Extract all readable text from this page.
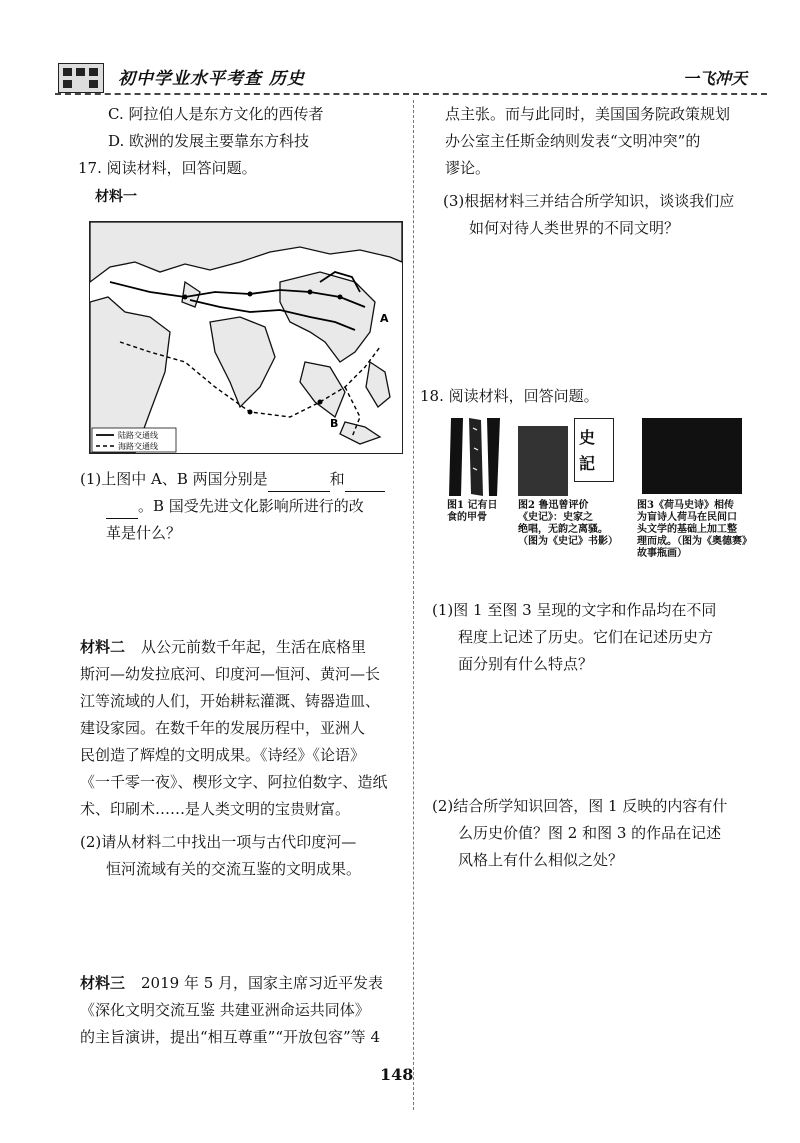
初中学业水平考查 历史	一飞冲天
C. 阿拉伯人是东方文化的西传者
D. 欧洲的发展主要靠东方科技
17. 阅读材料，回答问题。
材料一
A
B
陆路交通线
海路交通线
(1)上图中 A、B 两国分别是	和
。B 国受先进文化影响所进行的改
革是什么？
材料二 从公元前数千年起，生活在底格里
斯河—幼发拉底河、印度河—恒河、黄河—长
江等流域的人们，开始耕耘灌溉、铸器造皿、
建设家园。在数千年的发展历程中，亚洲人
民创造了辉煌的文明成果。《诗经》《论语》
《一千零一夜》、楔形文字、阿拉伯数字、造纸
术、印刷术……是人类文明的宝贵财富。
(2)请从材料二中找出一项与古代印度河—
恒河流域有关的交流互鉴的文明成果。
材料三 2019 年 5 月，国家主席习近平发表
《深化文明交流互鉴 共建亚洲命运共同体》
的主旨演讲，提出“相互尊重”“开放包容”等 4
点主张。而与此同时，美国国务院政策规划
办公室主任斯金纳则发表“文明冲突”的
谬论。
(3)根据材料三并结合所学知识，谈谈我们应
如何对待人类世界的不同文明？
18. 阅读材料，回答问题。
史
記
图1 记有日
食的甲骨
图2 鲁迅曾评价
《史记》：史家之
绝唱，无韵之离骚。
（图为《史记》书影）
图3《荷马史诗》相传
为盲诗人荷马在民间口
头文学的基础上加工整
理而成。（图为《奥德赛》
故事瓶画）
(1)图 1 至图 3 呈现的文字和作品均在不同
程度上记述了历史。它们在记述历史方
面分别有什么特点？
(2)结合所学知识回答，图 1 反映的内容有什
么历史价值？图 2 和图 3 的作品在记述
风格上有什么相似之处？
148
